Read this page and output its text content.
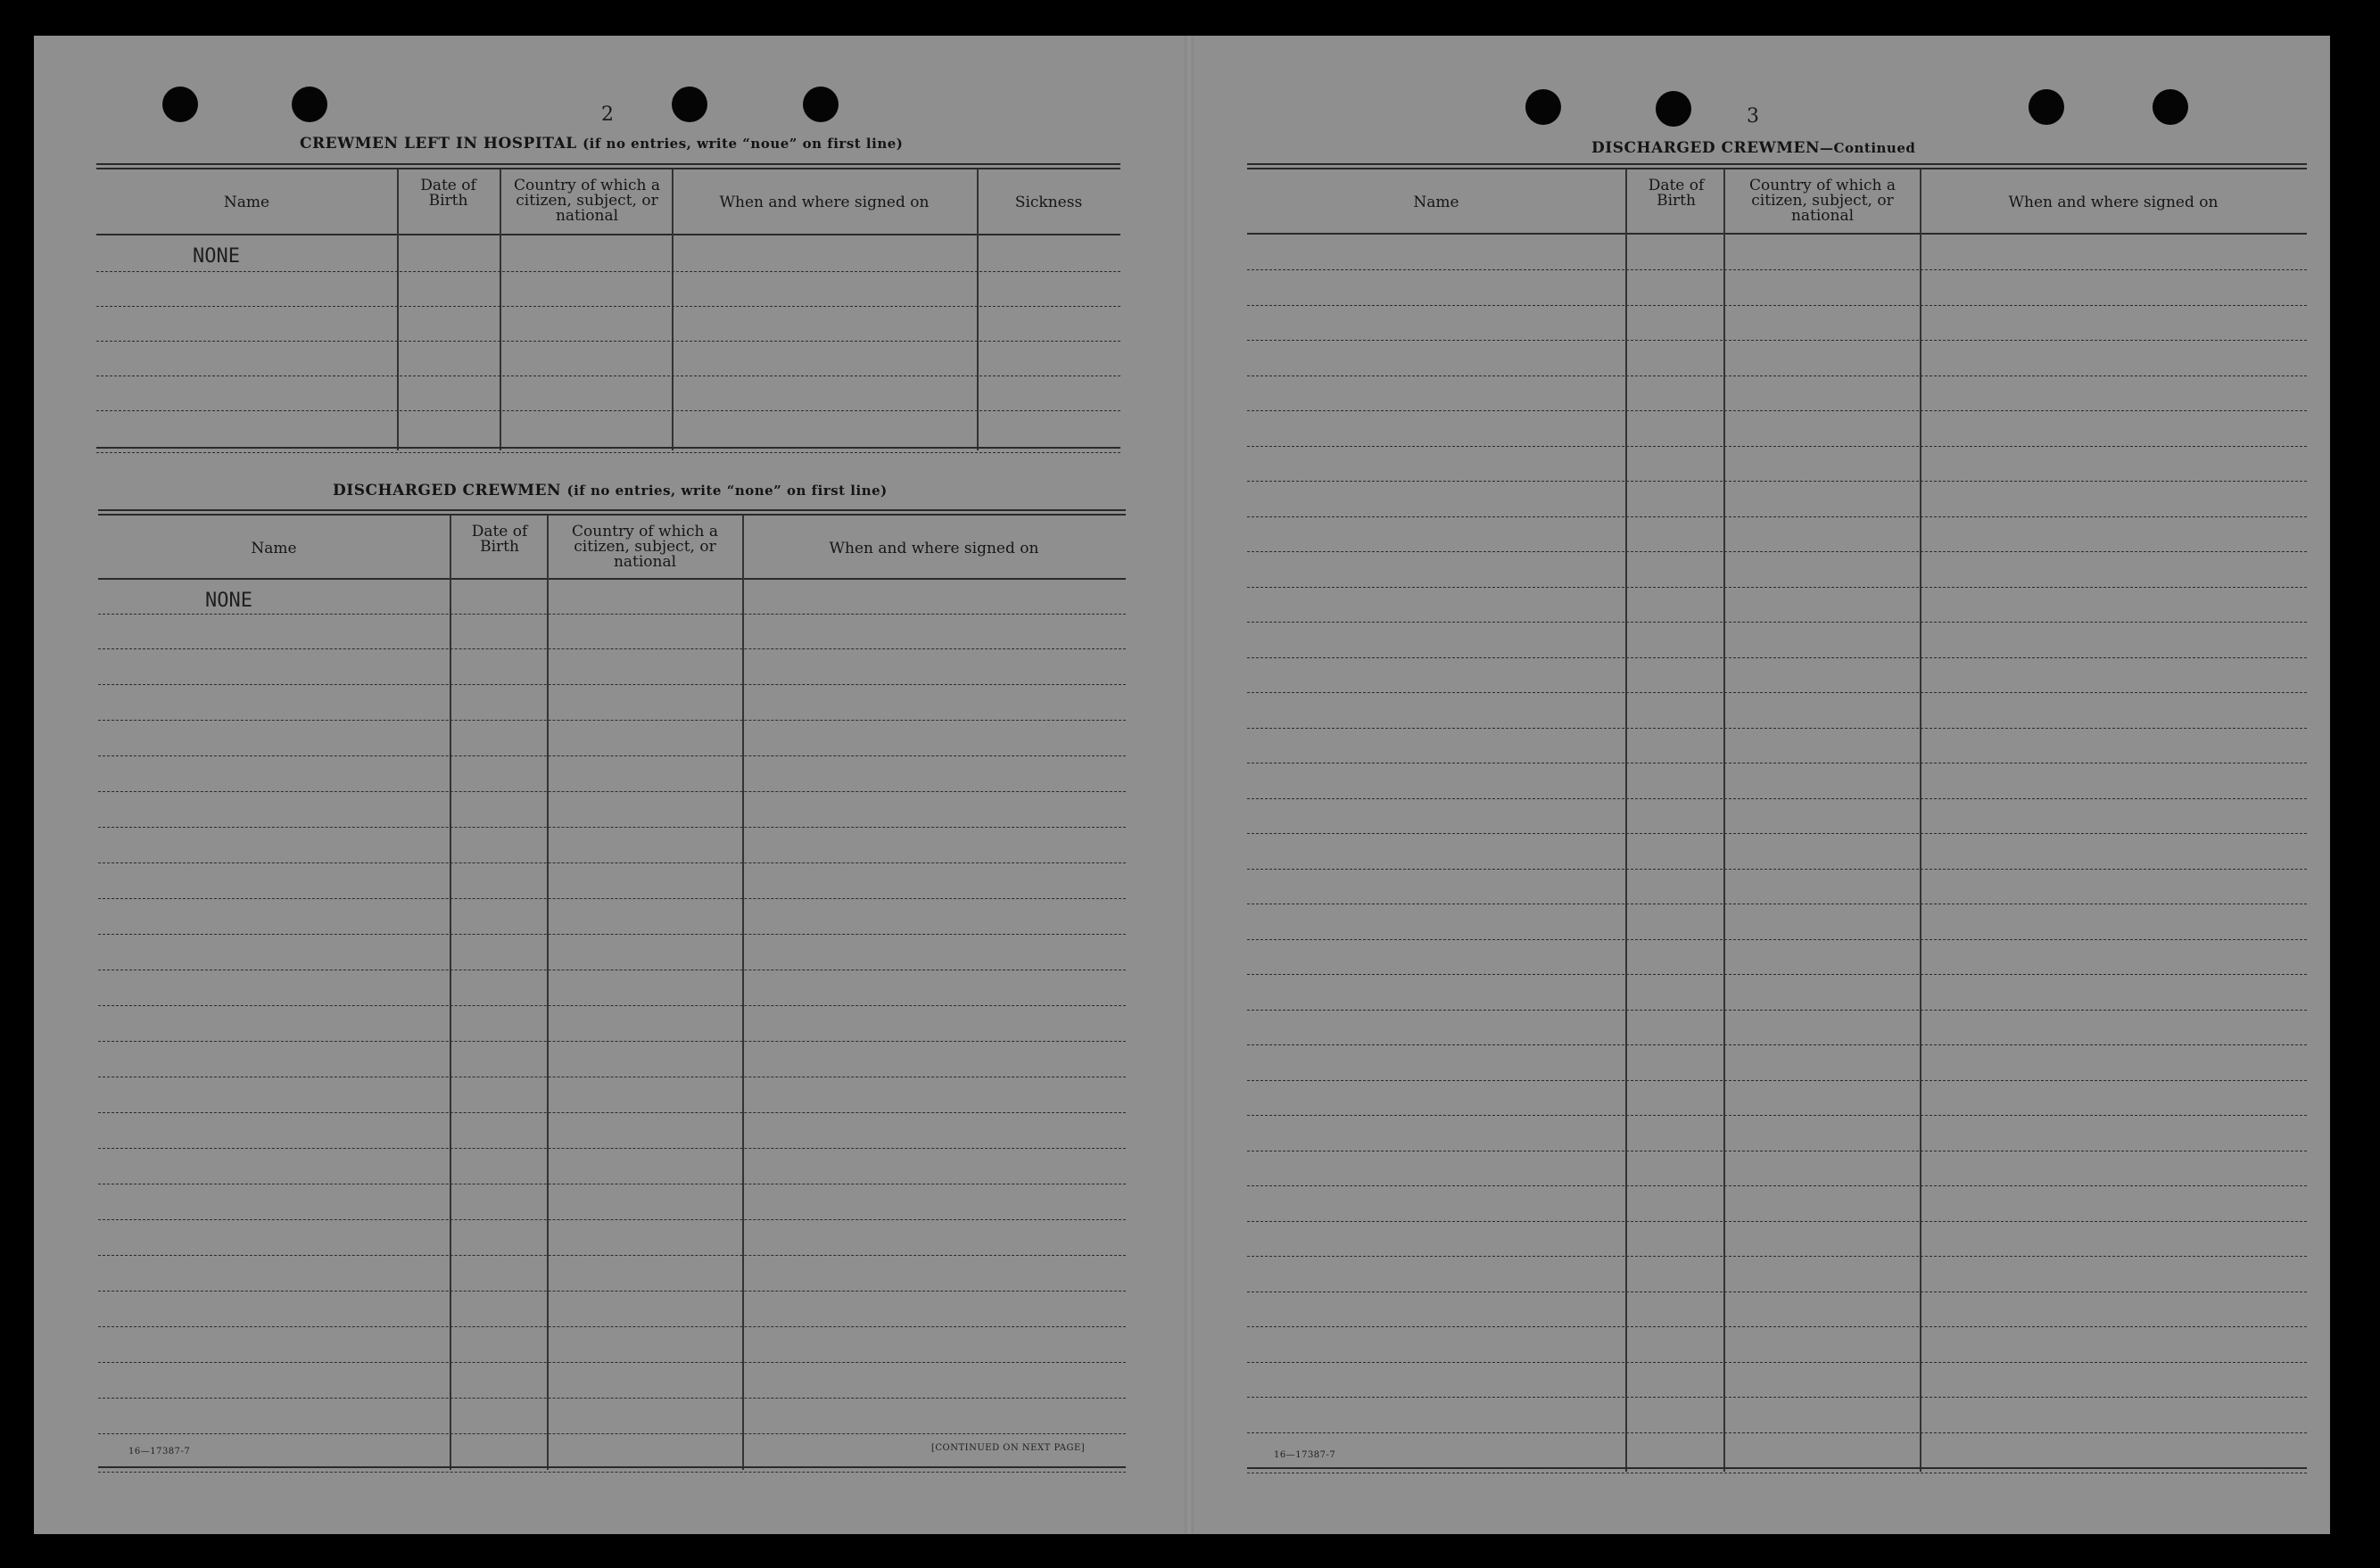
2
CREWMEN LEFT IN HOSPITAL (if no entries, write “noue” on first line)
Name
Date of Birth
Country of which a citizen, subject, or national
When and where signed on	Sickness
NONE
DISCHARGED CREWMEN (if no entries, write “none” on first line)
Name
Date of Birth
Country of which a citizen, subject, or national
When and where signed on
NONE
16—17387-7	[CONTINUED ON NEXT PAGE]
3
DISCHARGED CREWMEN—Continued
Name
Date of Birth
Country of which a citizen, subject, or national
When and where signed on
16—17387-7
